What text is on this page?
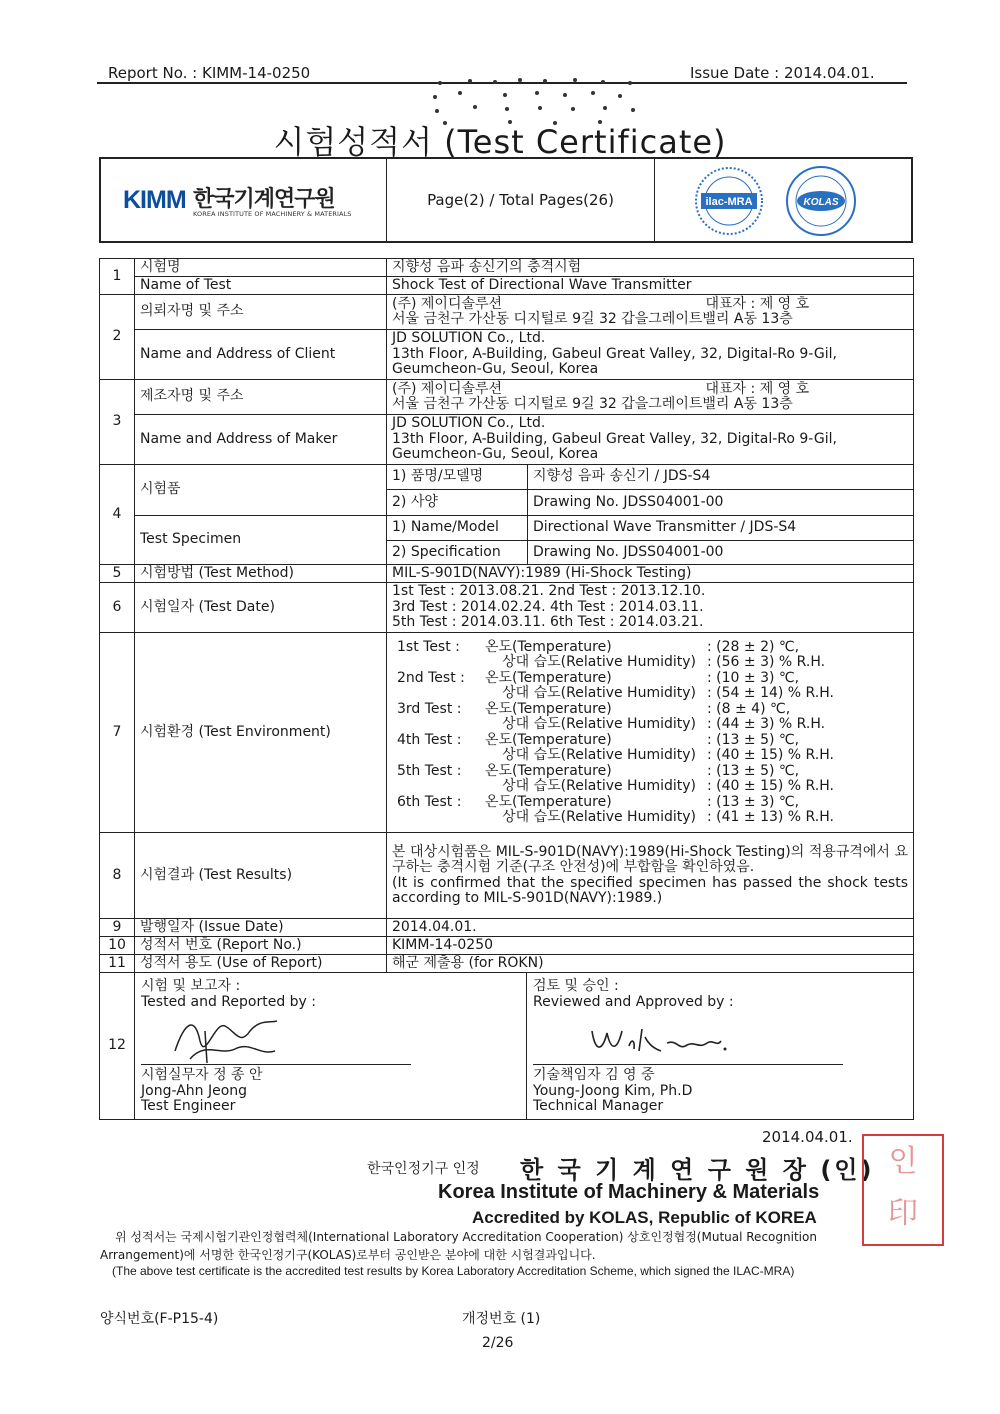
Report No. : KIMM-14-0250	Issue Date : 2014.04.01.
시험성적서 (Test Certificate)
KIMM 한국기계연구원
KOREA INSTITUTE OF MACHINERY & MATERIALS
Page(2) / Total Pages(26)	ilac-MRA	KOLAS
1	시험명	지향성 음파 송신기의 충격시험
Name of Test	Shock Test of Directional Wave Transmitter
2	의뢰자명 및 주소	(주) 제이디솔루션	대표자 : 제 영 호

서울 금천구 가산동 디지털로 9길 32 갑을그레이트밸리 A동 13층
Name and Address of Client	
JD SOLUTION Co., Ltd.
13th Floor, A-Building, Gabeul Great Valley, 32, Digital-Ro 9-Gil,
Geumcheon-Gu, Seoul, Korea

3	제조자명 및 주소	(주) 제이디솔루션	대표자 : 제 영 호

서울 금천구 가산동 디지털로 9길 32 갑을그레이트밸리 A동 13층
Name and Address of Maker	
JD SOLUTION Co., Ltd.
13th Floor, A-Building, Gabeul Great Valley, 32, Digital-Ro 9-Gil,
Geumcheon-Gu, Seoul, Korea

4	시험품	1) 품명/모델명	지향성 음파 송신기 / JDS-S4
2) 사양	Drawing No. JDSS04001-00
Test Specimen	1) Name/Model	Directional Wave Transmitter / JDS-S4
2) Specification	Drawing No. JDSS04001-00
5	시험방법 (Test Method)	MIL-S-901D(NAVY):1989 (Hi-Shock Testing)
6	시험일자 (Test Date)	
1st Test : 2013.08.21. 2nd Test : 2013.12.10.
3rd Test : 2014.02.24. 4th Test : 2014.03.11.
5th Test : 2014.03.11. 6th Test : 2014.03.21.

7	시험환경 (Test Environment)	
1st Test :	온도(Temperature)	: (28 ± 2) ℃,
	상대 습도(Relative Humidity)	: (56 ± 3) % R.H.
2nd Test :	온도(Temperature)	: (10 ± 3) ℃,
	상대 습도(Relative Humidity)	: (54 ± 14) % R.H.
3rd Test :	온도(Temperature)	: (8 ± 4) ℃,
	상대 습도(Relative Humidity)	: (44 ± 3) % R.H.
4th Test :	온도(Temperature)	: (13 ± 5) ℃,
	상대 습도(Relative Humidity)	: (40 ± 15) % R.H.
5th Test :	온도(Temperature)	: (13 ± 5) ℃,
	상대 습도(Relative Humidity)	: (40 ± 15) % R.H.
6th Test :	온도(Temperature)	: (13 ± 3) ℃,
	상대 습도(Relative Humidity)	: (41 ± 13) % R.H.

8	시험결과 (Test Results)	
본 대상시험품은 MIL-S-901D(NAVY):1989(Hi-Shock Testing)의 적용규격에서 요구하는 충격시험 기준(구조 안전성)에 부합함을 확인하였음.
(It is confirmed that the specified specimen has passed the shock tests according to MIL-S-901D(NAVY):1989.)

9	발행일자 (Issue Date)	2014.04.01.
10	성적서 번호 (Report No.)	KIMM-14-0250
11	성적서 용도 (Use of Report)	해군 제출용 (for ROKN)
12	
시험 및 보고자 :
Tested and Reported by :
시험실무자 정 종 안
Jong-Ahn Jeong
Test Engineer
검토 및 승인 :
Reviewed and Approved by :
기술책임자 김 영 중
Young-Joong Kim, Ph.D
Technical Manager
2014.04.01.
한국인정기구 인정 한 국 기 계 연 구 원 장 (인)
Korea Institute of Machinery & Materials
Accredited by KOLAS, Republic of KOREA
인
印
위 성적서는 국제시험기관인정협력체(International Laboratory Accreditation Cooperation) 상호인정협정(Mutual Recognition
Arrangement)에 서명한 한국인정기구(KOLAS)로부터 공인받은 분야에 대한 시험결과입니다.
(The above test certificate is the accredited test results by Korea Laboratory Accreditation Scheme, which signed the ILAC-MRA)
양식번호(F-P15-4)	개정번호 (1)
2/26
